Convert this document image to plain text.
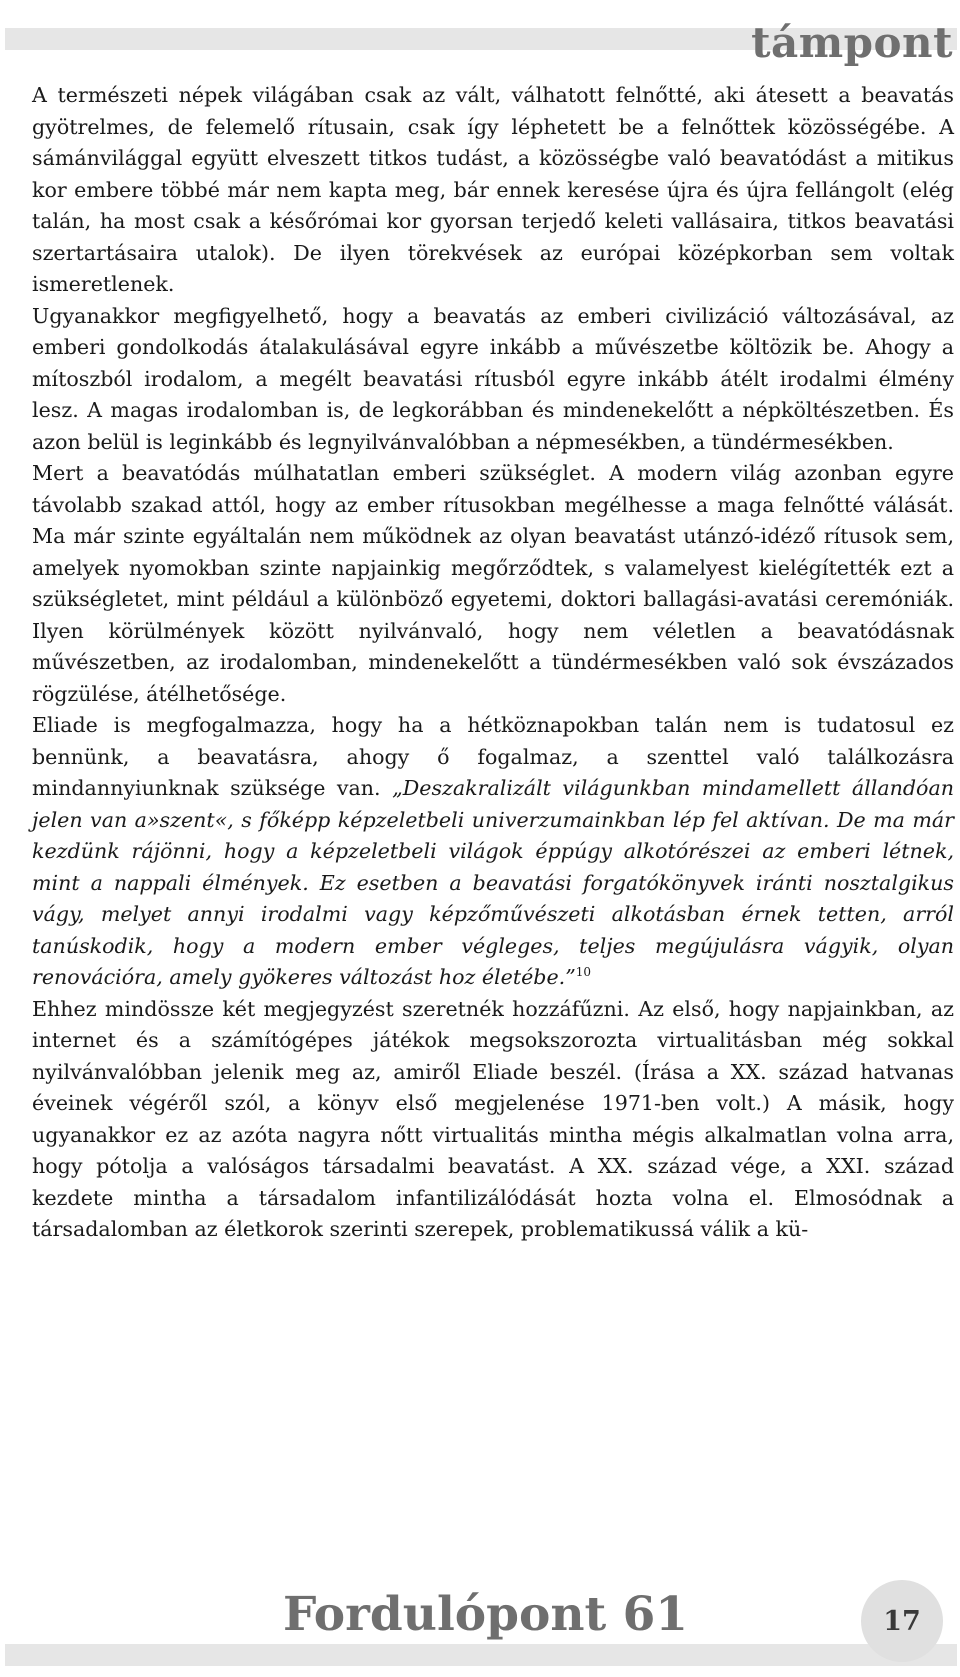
támpont

A természeti népek világában csak az vált, válhatott felnőtté, aki átesett a beavatás gyötrelmes, de felemelő rítusain, csak így léphetett be a felnőttek közösségébe. A sámánvilággal együtt elveszett titkos tudást, a közösségbe való beavatódást a mitikus kor embere többé már nem kapta meg, bár ennek keresése újra és újra fellángolt (elég talán, ha most csak a későrómai kor gyorsan terjedő keleti vallásaira, titkos beavatási szertartásaira utalok). De ilyen törekvések az európai középkorban sem voltak ismeretlenek.

Ugyanakkor megfigyelhető, hogy a beavatás az emberi civilizáció változásával, az emberi gondolkodás átalakulásával egyre inkább a művészetbe költözik be. Ahogy a mítoszból irodalom, a megélt beavatási rítusból egyre inkább átélt irodalmi élmény lesz. A magas irodalomban is, de legkorábban és mindenekelőtt a népköltészetben. És azon belül is leginkább és legnyilvánvalóbban a népmesékben, a tündérmesékben.

Mert a beavatódás múlhatatlan emberi szükséglet. A modern világ azonban egyre távolabb szakad attól, hogy az ember rítusokban megélhesse a maga felnőtté válását. Ma már szinte egyáltalán nem működnek az olyan beavatást utánzó-idéző rítusok sem, amelyek nyomokban szinte napjainkig megőrződtek, s valamelyest kielégítették ezt a szükségletet, mint például a különböző egyetemi, doktori ballagási-avatási ceremóniák. Ilyen körülmények között nyilvánvaló, hogy nem véletlen a beavatódásnak művészetben, az irodalomban, mindenekelőtt a tündérmesékben való sok évszázados rögzülése, átélhetősége.

Eliade is megfogalmazza, hogy ha a hétköznapokban talán nem is tudatosul ez bennünk, a beavatásra, ahogy ő fogalmaz, a szenttel való találkozásra mindannyiunknak szüksége van. „Deszakralizált világunkban mindamellett állandóan jelen van a»szent«, s főképp képzeletbeli univerzumainkban lép fel aktívan. De ma már kezdünk rájönni, hogy a képzeletbeli világok éppúgy alkotórészei az emberi létnek, mint a nappali élmények. Ez esetben a beavatási forgatókönyvek iránti nosztalgikus vágy, melyet annyi irodalmi vagy képzőművészeti alkotásban érnek tetten, arról tanúskodik, hogy a modern ember végleges, teljes megújulásra vágyik, olyan renovációra, amely gyökeres változást hoz életébe.”$^{10}$

Ehhez mindössze két megjegyzést szeretnék hozzáfűzni. Az első, hogy napjainkban, az internet és a számítógépes játékok megsokszorozta virtualitásban még sokkal nyilvánvalóbban jelenik meg az, amiről Eliade beszél. (Írása a XX. század hatvanas éveinek végéről szól, a könyv első megjelenése 1971-ben volt.) A másik, hogy ugyanakkor ez az azóta nagyra nőtt virtualitás mintha mégis alkalmatlan volna arra, hogy pótolja a valóságos társadalmi beavatást. A XX. század vége, a XXI. század kezdete mintha a társadalom infantilizálódását hozta volna el. Elmosódnak a társadalomban az életkorok szerinti szerepek, problematikussá válik a kü-

Fordulópont 61	17
